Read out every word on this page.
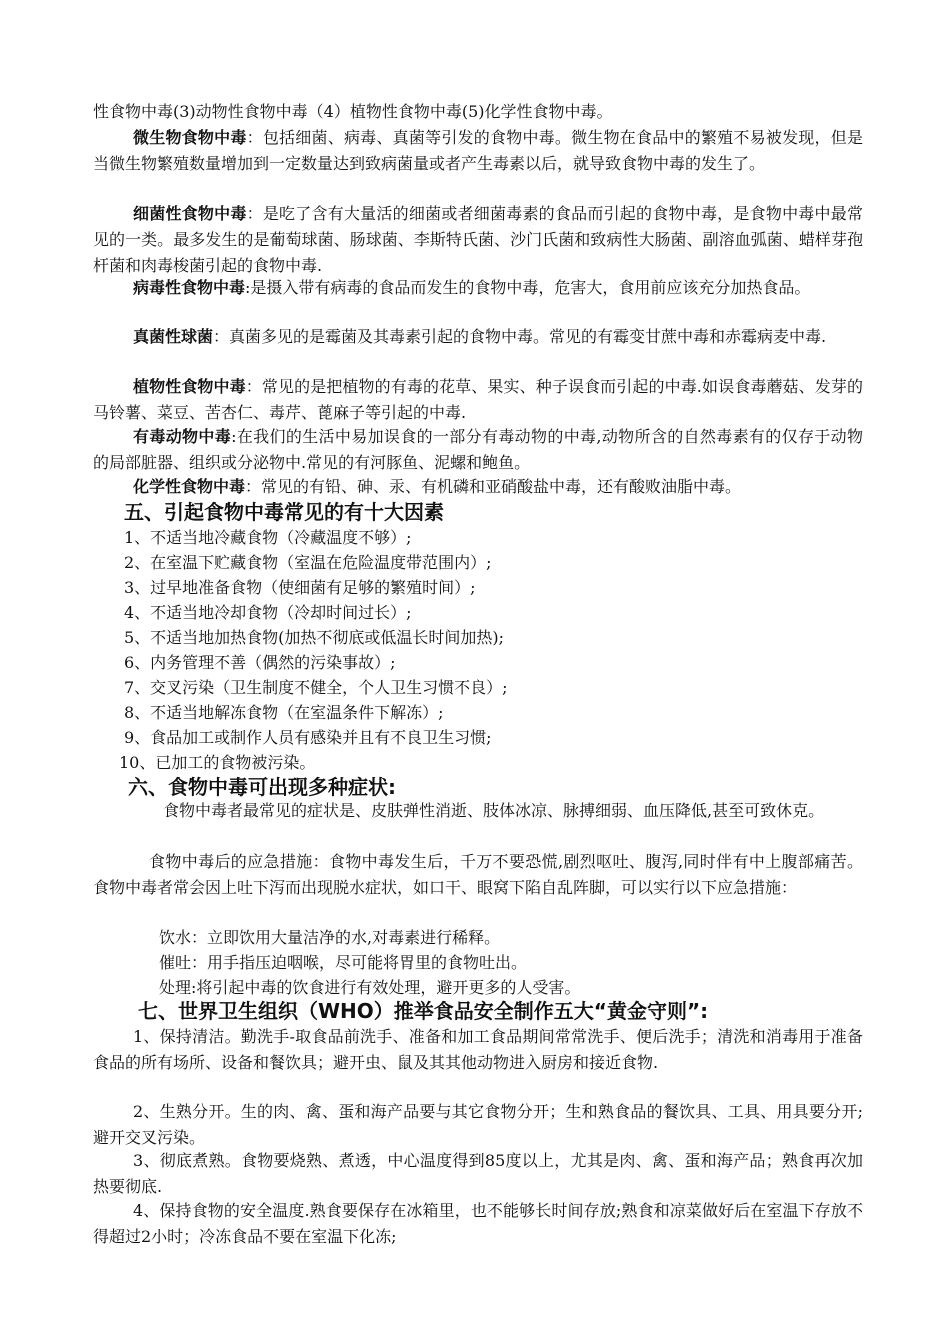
性食物中毒(3)动物性食物中毒（4）植物性食物中毒(5)化学性食物中毒。

微生物食物中毒：包括细菌、病毒、真菌等引发的食物中毒。微生物在食品中的繁殖不易被发现，但是当微生物繁殖数量增加到一定数量达到致病菌量或者产生毒素以后，就导致食物中毒的发生了。

细菌性食物中毒：是吃了含有大量活的细菌或者细菌毒素的食品而引起的食物中毒，是食物中毒中最常见的一类。最多发生的是葡萄球菌、肠球菌、李斯特氏菌、沙门氏菌和致病性大肠菌、副溶血弧菌、蜡样芽孢杆菌和肉毒梭菌引起的食物中毒.

病毒性食物中毒:是摄入带有病毒的食品而发生的食物中毒，危害大，食用前应该充分加热食品。

真菌性球菌：真菌多见的是霉菌及其毒素引起的食物中毒。常见的有霉变甘蔗中毒和赤霉病麦中毒.

植物性食物中毒：常见的是把植物的有毒的花草、果实、种子误食而引起的中毒.如误食毒蘑菇、发芽的马铃薯、菜豆、苦杏仁、毒芹、蓖麻子等引起的中毒.

有毒动物中毒:在我们的生活中易加误食的一部分有毒动物的中毒,动物所含的自然毒素有的仅存于动物的局部脏器、组织或分泌物中.常见的有河豚鱼、泥螺和鲍鱼。

化学性食物中毒：常见的有铅、砷、汞、有机磷和亚硝酸盐中毒，还有酸败油脂中毒。

五、引起食物中毒常见的有十大因素

1、不适当地冷藏食物（冷藏温度不够）;

2、在室温下贮藏食物（室温在危险温度带范围内）;

3、过早地准备食物（使细菌有足够的繁殖时间）;

4、不适当地冷却食物（冷却时间过长）;

5、不适当地加热食物(加热不彻底或低温长时间加热);

6、内务管理不善（偶然的污染事故）;

7、交叉污染（卫生制度不健全，个人卫生习惯不良）;

8、不适当地解冻食物（在室温条件下解冻）;

9、食品加工或制作人员有感染并且有不良卫生习惯;

10、已加工的食物被污染。

六、食物中毒可出现多种症状:

食物中毒者最常见的症状是、皮肤弹性消逝、肢体冰凉、脉搏细弱、血压降低,甚至可致休克。

食物中毒后的应急措施：食物中毒发生后，千万不要恐慌,剧烈呕吐、腹泻,同时伴有中上腹部痛苦。食物中毒者常会因上吐下泻而出现脱水症状，如口干、眼窝下陷自乱阵脚，可以实行以下应急措施：

饮水：立即饮用大量洁净的水,对毒素进行稀释。

催吐：用手指压迫咽喉，尽可能将胃里的食物吐出。

处理:将引起中毒的饮食进行有效处理，避开更多的人受害。

七、世界卫生组织（WHO）推举食品安全制作五大“黄金守则”:

1、保持清洁。勤洗手-取食品前洗手、准备和加工食品期间常常洗手、便后洗手；清洗和消毒用于准备食品的所有场所、设备和餐饮具；避开虫、鼠及其其他动物进入厨房和接近食物.

2、生熟分开。生的肉、禽、蛋和海产品要与其它食物分开；生和熟食品的餐饮具、工具、用具要分开;避开交叉污染。

3、彻底煮熟。食物要烧熟、煮透，中心温度得到85度以上，尤其是肉、禽、蛋和海产品；熟食再次加热要彻底.

4、保持食物的安全温度.熟食要保存在冰箱里，也不能够长时间存放;熟食和凉菜做好后在室温下存放不得超过2小时；冷冻食品不要在室温下化冻;
